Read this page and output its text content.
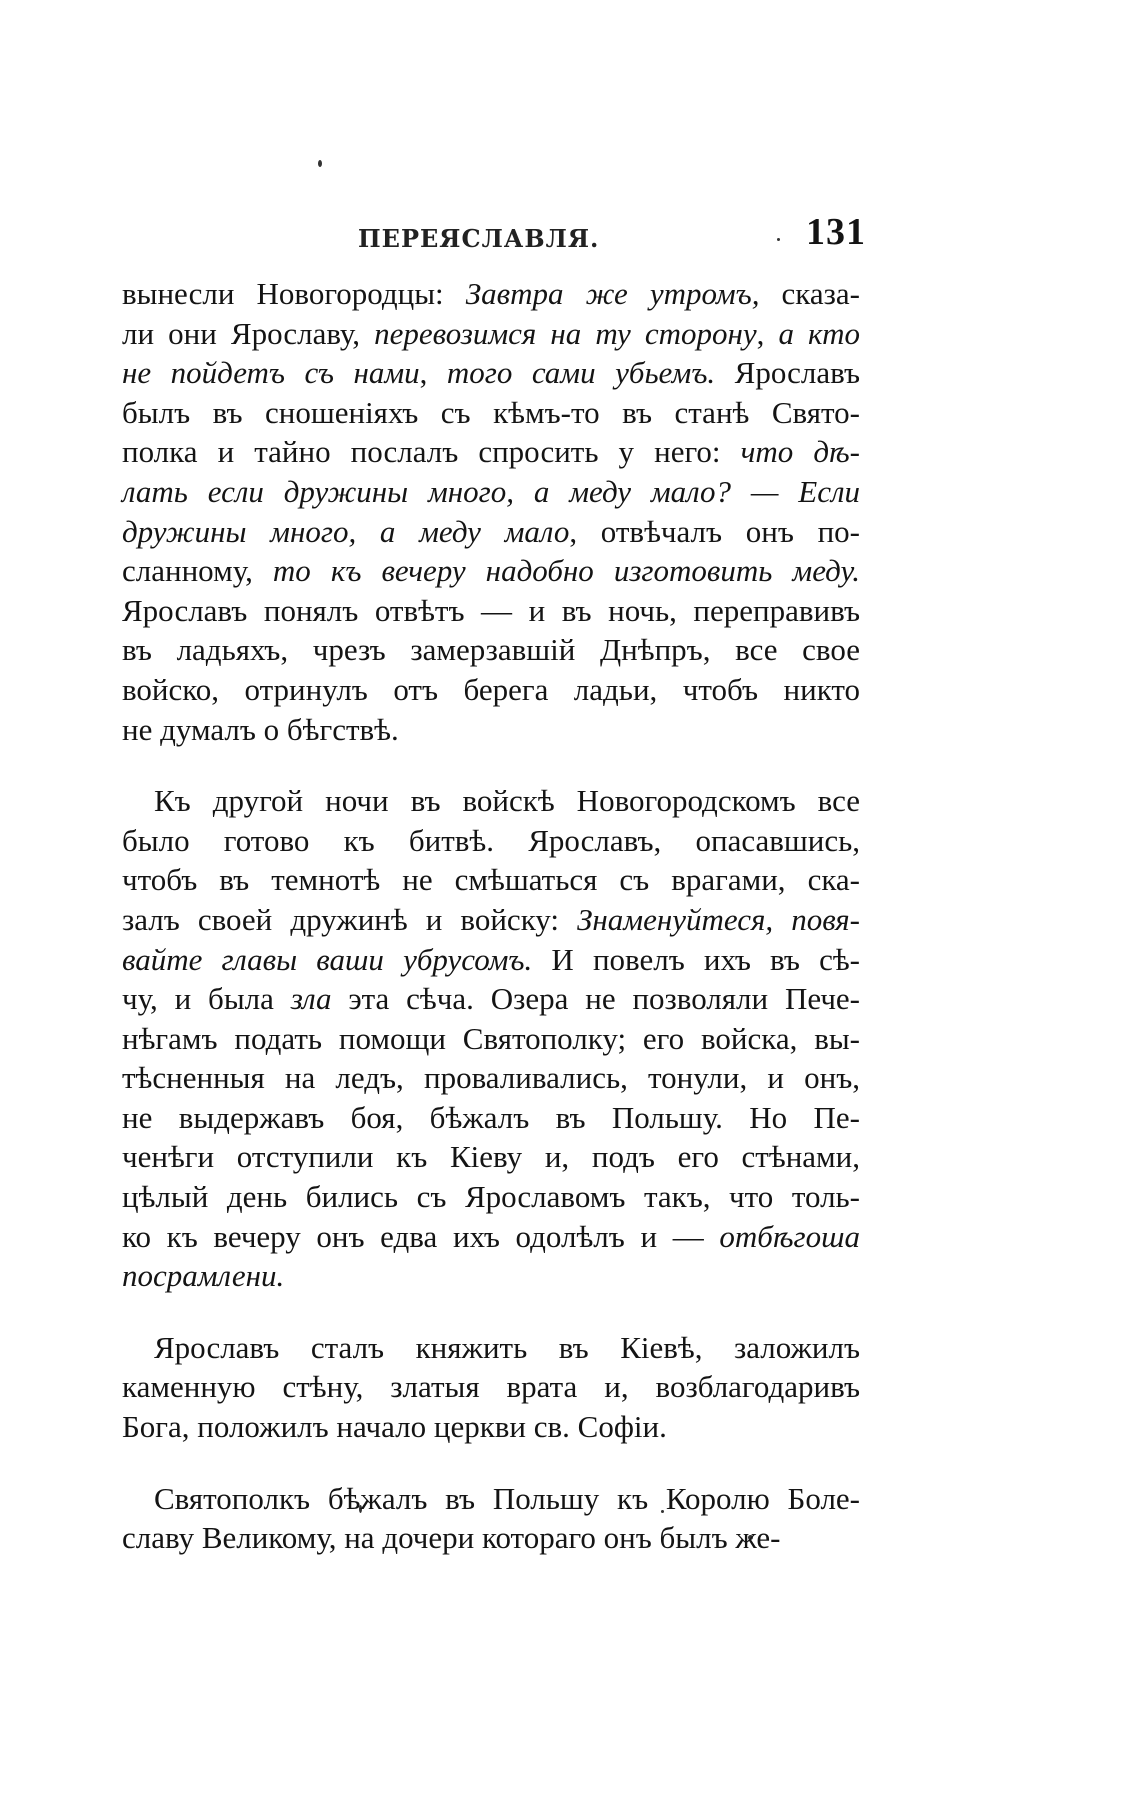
ПЕРЕЯСЛАВЛЯ.	131
вынесли Новогородцы: Завтра же утромъ, сказа-
ли они Ярославу, перевозимся на ту сторону, а кто
не пойдетъ съ нами, того сами убьемъ. Ярославъ
былъ въ сношеніяхъ съ кѣмъ-то въ станѣ Свято-
полка и тайно послалъ спросить у него: что дѣ-
лать если дружины много, а меду мало? — Если
дружины много, а меду мало, отвѣчалъ онъ по-
сланному, то къ вечеру надобно изготовить меду.
Ярославъ понялъ отвѣтъ — и въ ночь, переправивъ
въ ладьяхъ, чрезъ замерзавшій Днѣпръ, все свое
войско, отринулъ отъ берега ладьи, чтобъ никто
не думалъ о бѣгствѣ.
Къ другой ночи въ войскѣ Новогородскомъ все
было готово къ битвѣ. Ярославъ, опасавшись,
чтобъ въ темнотѣ не смѣшаться съ врагами, ска-
залъ своей дружинѣ и войску: Знаменуйтеся, повя-
вайте главы ваши убрусомъ. И повелъ ихъ въ сѣ-
чу, и была зла эта сѣча. Озера не позволяли Пече-
нѣгамъ подать помощи Святополку; его войска, вы-
тѣсненныя на ледъ, проваливались, тонули, и онъ,
не выдержавъ боя, бѣжалъ въ Польшу. Но Пе-
ченѣги отступили къ Кіеву и, подъ его стѣнами,
цѣлый день бились съ Ярославомъ такъ, что толь-
ко къ вечеру онъ едва ихъ одолѣлъ и — отбѣгоша
посрамлени.
Ярославъ сталъ княжить въ Кіевѣ, заложилъ
каменную стѣну, златыя врата и, возблагодаривъ
Бога, положилъ начало церкви св. Софіи.
Святополкъ бѣжалъ въ Польшу къ Королю Боле-
славу Великому, на дочери котораго онъ былъ же-
